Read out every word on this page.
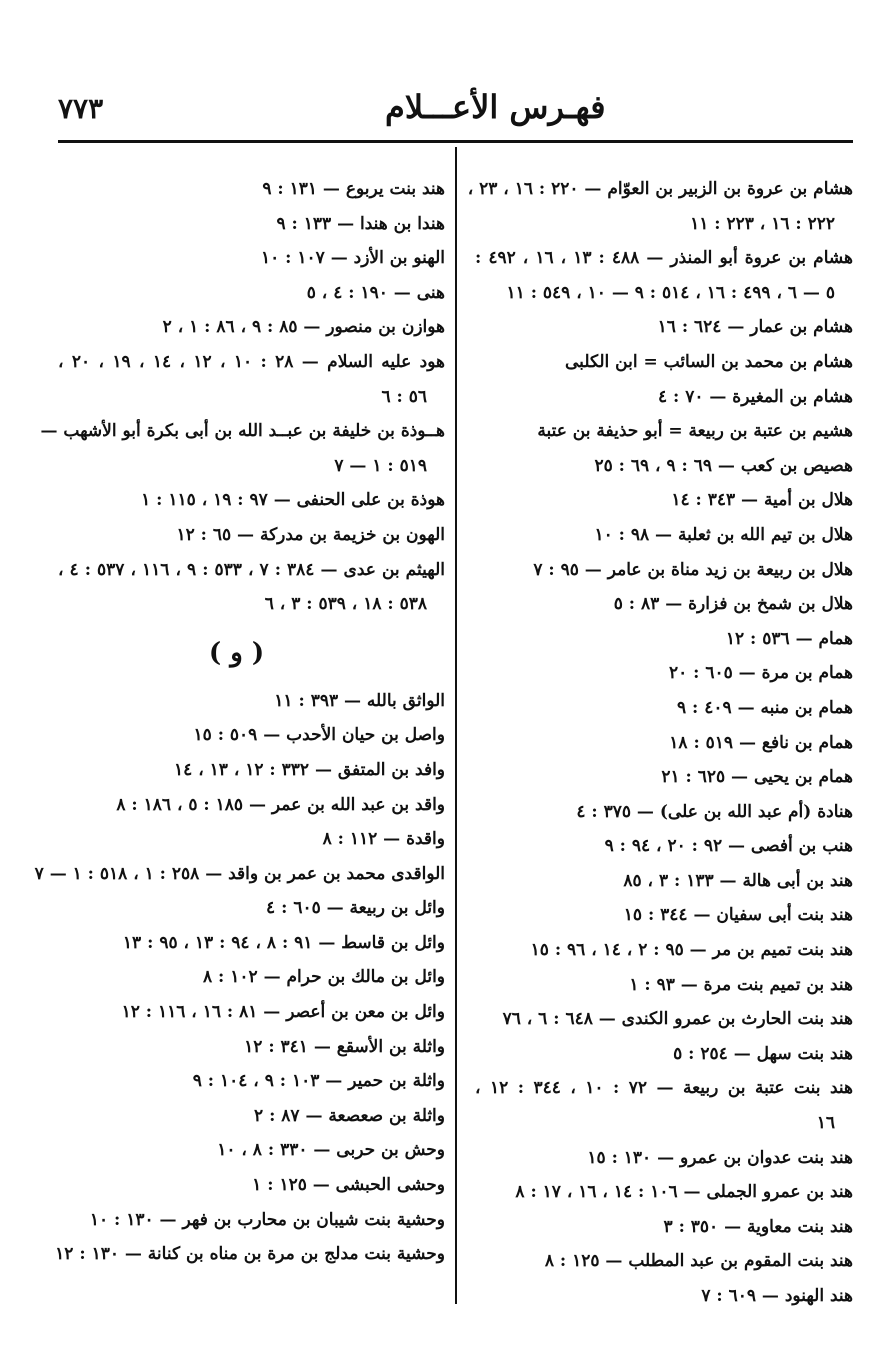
٧٧٣	فهـرس الأعـــلام
هشام بن عروة بن الزبير بن العوّام — ٢٢٠ : ١٦ ، ٢٣ ،
٢٢٢ : ١٦ ، ٢٢٣ : ١١
هشام بن عروة أبو المنذر — ٤٨٨ : ١٣ ، ١٦ ، ٤٩٢ :
٥ — ٦ ، ٤٩٩ : ١٦ ، ٥١٤ : ٩ — ١٠ ، ٥٤٩ : ١١
هشام بن عمار — ٦٢٤ : ١٦
هشام بن محمد بن السائب = ابن الكلبى
هشام بن المغيرة — ٧٠ : ٤
هشيم بن عتبة بن ربيعة = أبو حذيفة بن عتبة
هصيص بن كعب — ٦٩ : ٩ ، ٦٩ : ٢٥
هلال بن أمية — ٣٤٣ : ١٤
هلال بن تيم الله بن ثعلبة — ٩٨ : ١٠
هلال بن ربيعة بن زيد مناة بن عامر — ٩٥ : ٧
هلال بن شمخ بن فزارة — ٨٣ : ٥
همام — ٥٣٦ : ١٢
همام بن مرة — ٦٠٥ : ٢٠
همام بن منبه — ٤٠٩ : ٩
همام بن نافع — ٥١٩ : ١٨
همام بن يحيى — ٦٢٥ : ٢١
هنادة (أم عبد الله بن على) — ٣٧٥ : ٤
هنب بن أفصى — ٩٢ : ٢٠ ، ٩٤ : ٩
هند بن أبى هالة — ١٣٣ : ٣ ، ٨٥
هند بنت أبى سفيان — ٣٤٤ : ١٥
هند بنت تميم بن مر — ٩٥ : ٢ ، ١٤ ، ٩٦ : ١٥
هند بن تميم بنت مرة — ٩٣ : ١
هند بنت الحارث بن عمرو الكندى — ٦٤٨ : ٦ ، ٧٦
هند بنت سهل — ٢٥٤ : ٥
هند بنت عتبة بن ربيعة — ٧٢ : ١٠ ، ٣٤٤ : ١٢ ،
١٦
هند بنت عدوان بن عمرو — ١٣٠ : ١٥
هند بن عمرو الجملى — ١٠٦ : ١٤ ، ١٦ ، ١٧ : ٨
هند بنت معاوية — ٣٥٠ : ٣
هند بنت المقوم بن عبد المطلب — ١٢٥ : ٨
هند الهنود — ٦٠٩ : ٧
هند بنت يربوع — ١٣١ : ٩
هندا بن هندا — ١٣٣ : ٩
الهنو بن الأزد — ١٠٧ : ١٠
هنى — ١٩٠ : ٤ ، ٥
هوازن بن منصور — ٨٥ : ٩ ، ٨٦ : ١ ، ٢
هود عليه السلام — ٢٨ : ١٠ ، ١٢ ، ١٤ ، ١٩ ، ٢٠ ،
٥٦ : ٦
هــوذة بن خليفة بن عبــد الله بن أبى بكرة أبو الأشهب —
٥١٩ : ١ — ٧
هوذة بن على الحنفى — ٩٧ : ١٩ ، ١١٥ : ١
الهون بن خزيمة بن مدركة — ٦٥ : ١٢
الهيثم بن عدى — ٣٨٤ : ٧ ، ٥٣٣ : ٩ ، ١١٦ ، ٥٣٧ : ٤ ،
٥٣٨ : ١٨ ، ٥٣٩ : ٣ ، ٦
( و )
الواثق بالله — ٣٩٣ : ١١
واصل بن حيان الأحدب — ٥٠٩ : ١٥
وافد بن المتفق — ٣٣٢ : ١٢ ، ١٣ ، ١٤
واقد بن عبد الله بن عمر — ١٨٥ : ٥ ، ١٨٦ : ٨
واقدة — ١١٢ : ٨
الواقدى محمد بن عمر بن واقد — ٢٥٨ : ١ ، ٥١٨ : ١ — ٧
وائل بن ربيعة — ٦٠٥ : ٤
وائل بن قاسط — ٩١ : ٨ ، ٩٤ : ١٣ ، ٩٥ : ١٣
وائل بن مالك بن حرام — ١٠٢ : ٨
وائل بن معن بن أعصر — ٨١ : ١٦ ، ١١٦ : ١٢
واثلة بن الأسقع — ٣٤١ : ١٢
واثلة بن حمير — ١٠٣ : ٩ ، ١٠٤ : ٩
واثلة بن صعصعة — ٨٧ : ٢
وحش بن حربى — ٣٣٠ : ٨ ، ١٠
وحشى الحبشى — ١٢٥ : ١
وحشية بنت شيبان بن محارب بن فهر — ١٣٠ : ١٠
وحشية بنت مدلج بن مرة بن مناه بن كنانة — ١٣٠ : ١٢
